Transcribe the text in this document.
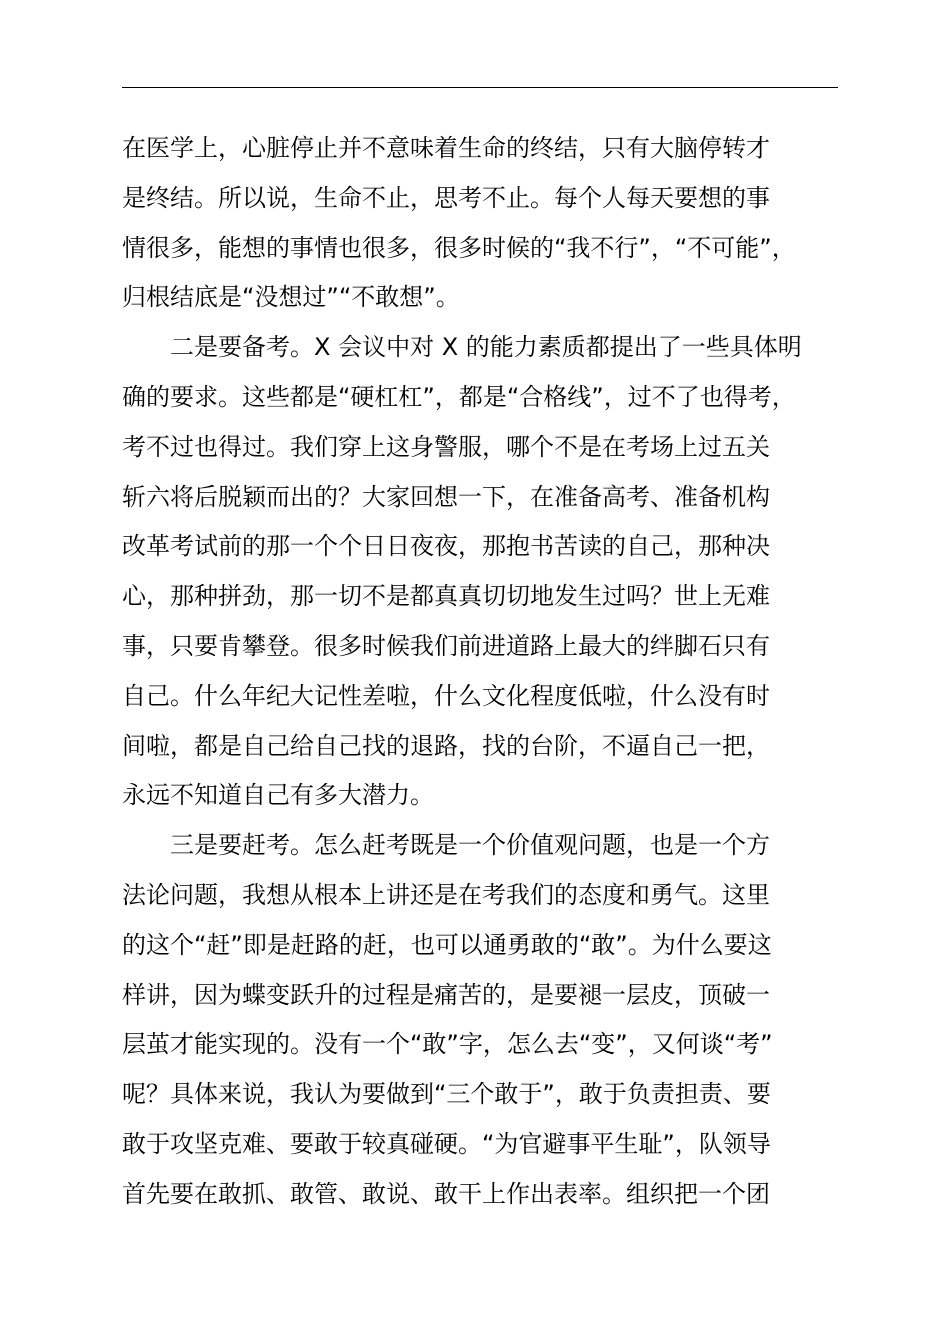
在医学上，心脏停止并不意味着生命的终结，只有大脑停转才
是终结。所以说，生命不止，思考不止。每个人每天要想的事
情很多，能想的事情也很多，很多时候的“我不行”，“不可能”，
归根结底是“没想过”“不敢想”。
二是要备考。X 会议中对 X 的能力素质都提出了一些具体明
确的要求。这些都是“硬杠杠”，都是“合格线”，过不了也得考，
考不过也得过。我们穿上这身警服，哪个不是在考场上过五关
斩六将后脱颖而出的？大家回想一下，在准备高考、准备机构
改革考试前的那一个个日日夜夜，那抱书苦读的自己，那种决
心，那种拼劲，那一切不是都真真切切地发生过吗？世上无难
事，只要肯攀登。很多时候我们前进道路上最大的绊脚石只有
自己。什么年纪大记性差啦，什么文化程度低啦，什么没有时
间啦，都是自己给自己找的退路，找的台阶，不逼自己一把，
永远不知道自己有多大潜力。
三是要赶考。怎么赶考既是一个价值观问题，也是一个方
法论问题，我想从根本上讲还是在考我们的态度和勇气。这里
的这个“赶”即是赶路的赶，也可以通勇敢的“敢”。为什么要这
样讲，因为蝶变跃升的过程是痛苦的，是要褪一层皮，顶破一
层茧才能实现的。没有一个“敢”字，怎么去“变”，又何谈“考”
呢？具体来说，我认为要做到“三个敢于”，敢于负责担责、要
敢于攻坚克难、要敢于较真碰硬。“为官避事平生耻”，队领导
首先要在敢抓、敢管、敢说、敢干上作出表率。组织把一个团
